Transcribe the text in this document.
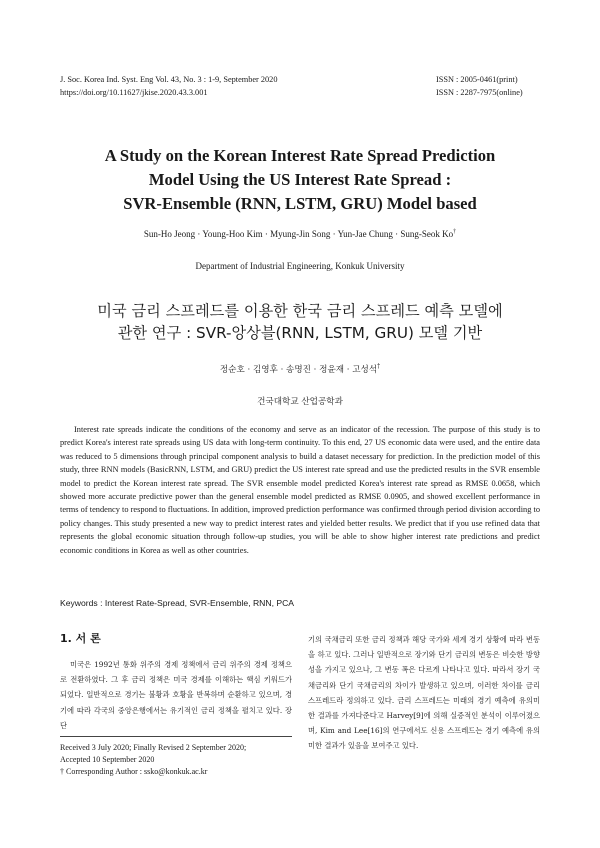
J. Soc. Korea Ind. Syst. Eng Vol. 43, No. 3 : 1-9, September 2020
https://doi.org/10.11627/jkise.2020.43.3.001
ISSN : 2005-0461(print)
ISSN : 2287-7975(online)
A Study on the Korean Interest Rate Spread Prediction
Model Using the US Interest Rate Spread :
SVR-Ensemble (RNN, LSTM, GRU) Model based
Sun-Ho Jeong · Young-Hoo Kim · Myung-Jin Song · Yun-Jae Chung · Sung-Seok Ko†
Department of Industrial Engineering, Konkuk University
미국 금리 스프레드를 이용한 한국 금리 스프레드 예측 모델에
관한 연구 : SVR-앙상블(RNN, LSTM, GRU) 모델 기반
정순호 · 김영후 · 송명진 · 정윤재 · 고성석†
건국대학교 산업공학과

Interest rate spreads indicate the conditions of the economy and serve as an indicator of the recession. The purpose of this study is to predict Korea's interest rate spreads using US data with long-term continuity. To this end, 27 US economic data were used, and the entire data was reduced to 5 dimensions through principal component analysis to build a dataset necessary for prediction. In the prediction model of this study, three RNN models (BasicRNN, LSTM, and GRU) predict the US interest rate spread and use the predicted results in the SVR ensemble model to predict the Korean interest rate spread. The SVR ensemble model predicted Korea's interest rate spread as RMSE 0.0658, which showed more accurate predictive power than the general ensemble model predicted as RMSE 0.0905, and showed excellent performance in terms of tendency to respond to fluctuations. In addition, improved prediction performance was confirmed through period division according to policy changes. This study presented a new way to predict interest rates and yielded better results. We predict that if you use refined data that represents the global economic situation through follow-up studies, you will be able to show higher interest rate predictions and predict economic conditions in Korea as well as other countries.

Keywords : Interest Rate-Spread, SVR-Ensemble, RNN, PCA
1. 서 론

미국은 1992년 통화 위주의 경제 정책에서 금리 위주의 경제 정책으로 전환하였다. 그 후 금리 정책은 미국 경제를 이해하는 핵심 키워드가 되었다. 일반적으로 경기는 불황과 호황을 반복하며 순환하고 있으며, 경기에 따라 각국의 중앙은행에서는 유기적인 금리 정책을 펼치고 있다. 장단

기의 국채금리 또한 금리 정책과 해당 국가와 세계 경기 상황에 따라 변동을 하고 있다. 그러나 일반적으로 장기와 단기 금리의 변동은 비슷한 방향성을 가지고 있으나, 그 변동 폭은 다르게 나타나고 있다. 따라서 장기 국채금리와 단기 국채금리의 차이가 발생하고 있으며, 이러한 차이를 금리 스프레드라 정의하고 있다. 금리 스프레드는 미래의 경기 예측에 유의미한 결과를 가져다준다고 Harvey[9]에 의해 실증적인 분석이 이루어졌으며, Kim and Lee[16]의 연구에서도 신용 스프레드는 경기 예측에 유의미한 결과가 있음을 보여주고 있다.

Received 3 July 2020; Finally Revised 2 September 2020;
Accepted 10 September 2020
† Corresponding Author : ssko@konkuk.ac.kr
